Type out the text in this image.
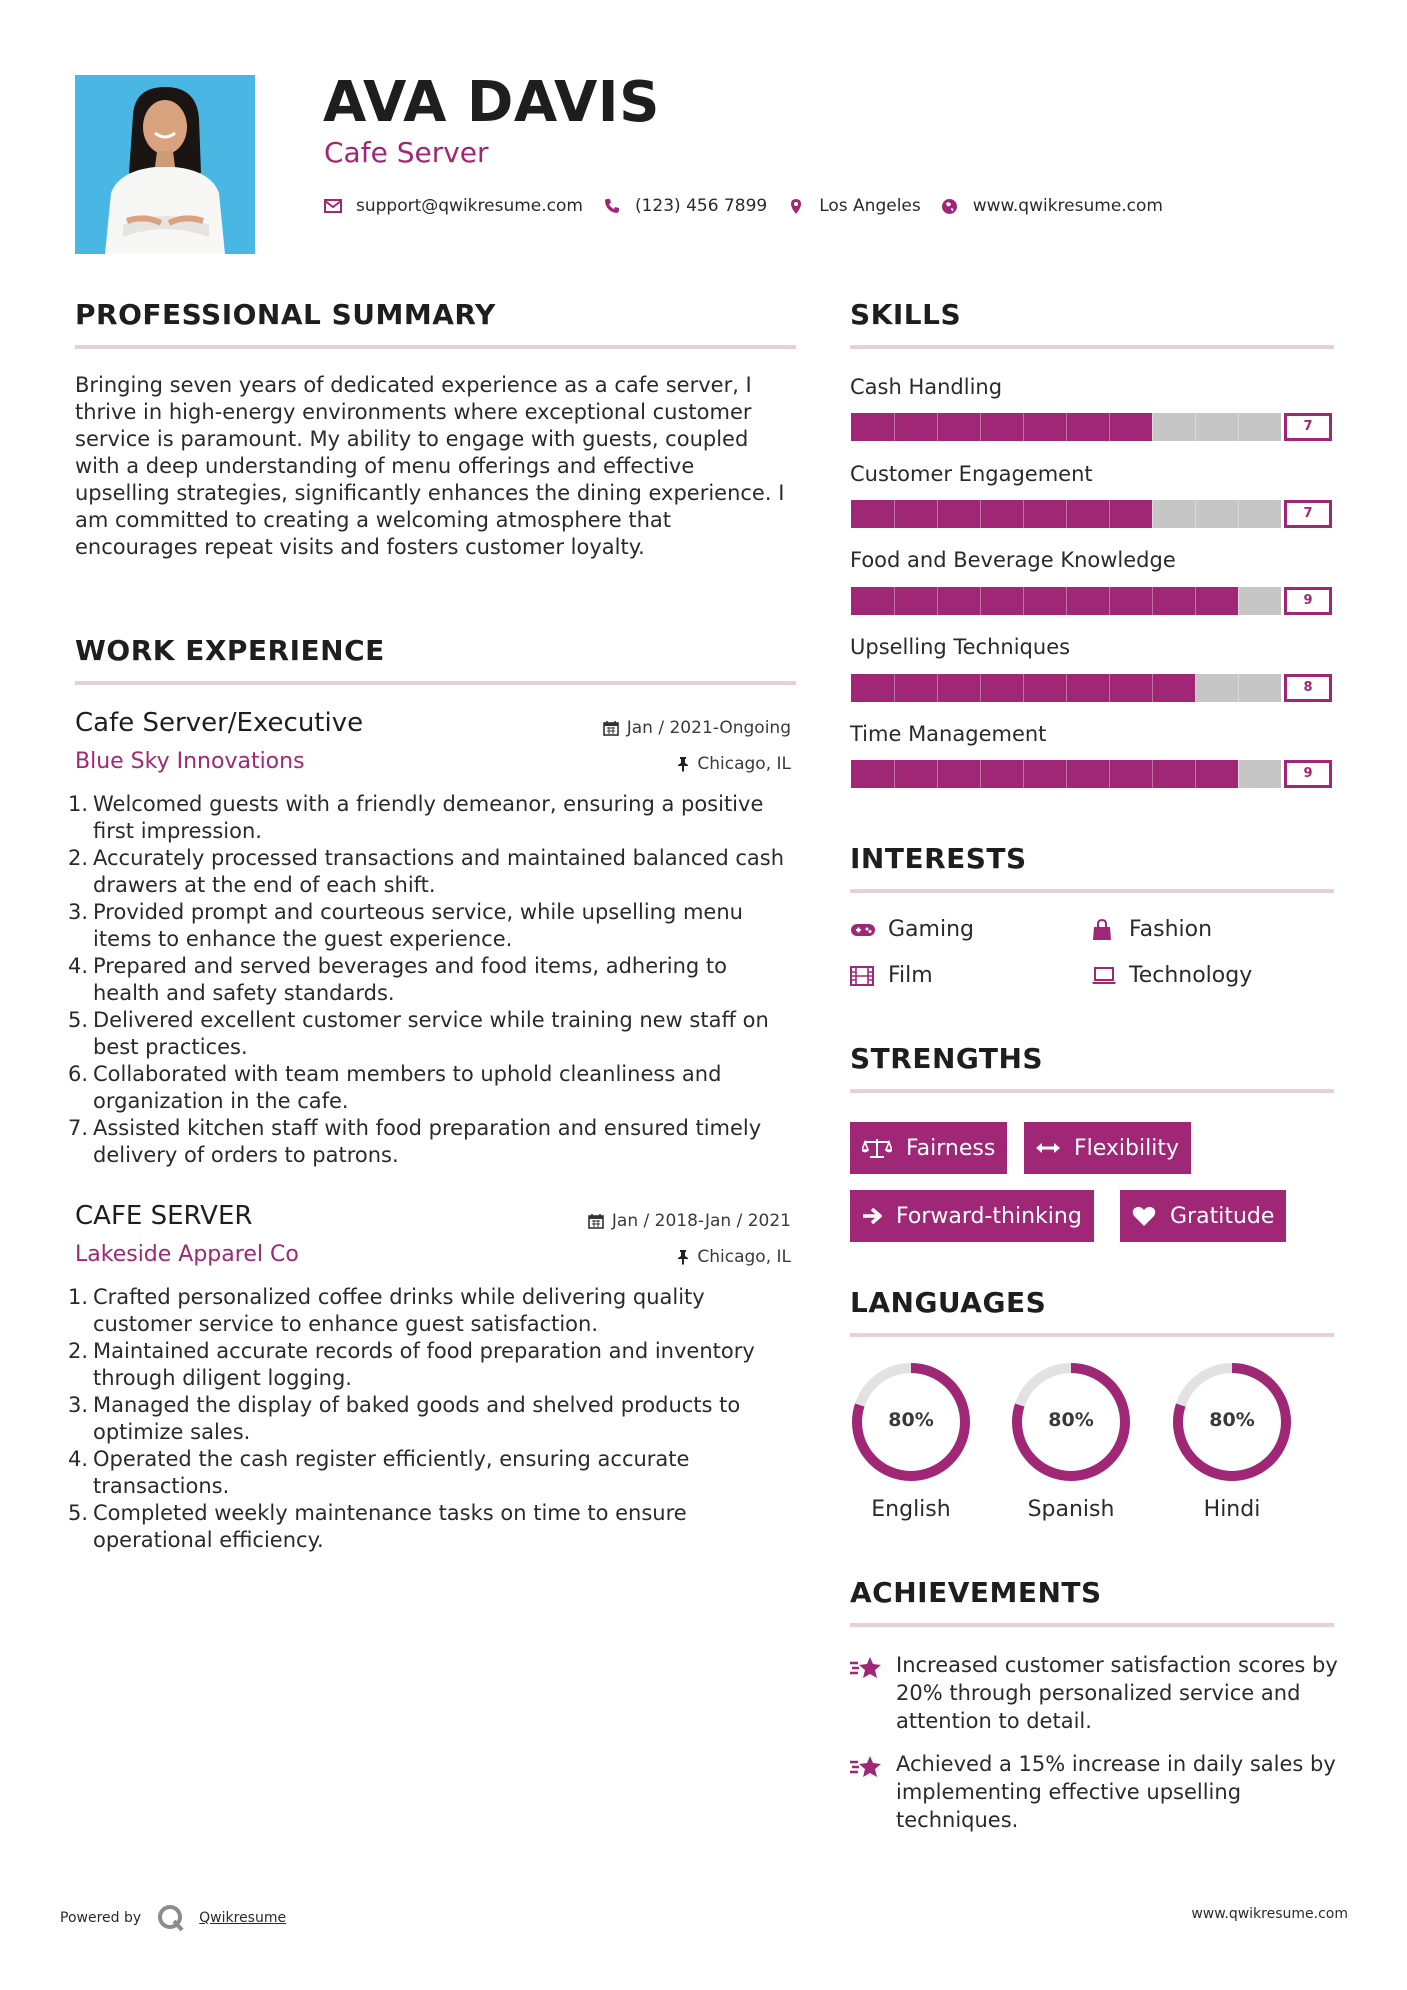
AVA DAVIS
Cafe Server
support@qwikresume.com	(123) 456 7899	Los Angeles	www.qwikresume.com
PROFESSIONAL SUMMARY
Bringing seven years of dedicated experience as a cafe server, I thrive in high-energy environments where exceptional customer service is paramount. My ability to engage with guests, coupled with a deep understanding of menu offerings and effective upselling strategies, significantly enhances the dining experience. I am committed to creating a welcoming atmosphere that encourages repeat visits and fosters customer loyalty.
WORK EXPERIENCE
Cafe Server/Executive	Jan / 2021-Ongoing
Blue Sky Innovations	Chicago, IL
1. Welcomed guests with a friendly demeanor, ensuring a positive first impression.
2. Accurately processed transactions and maintained balanced cash drawers at the end of each shift.
3. Provided prompt and courteous service, while upselling menu items to enhance the guest experience.
4. Prepared and served beverages and food items, adhering to health and safety standards.
5. Delivered excellent customer service while training new staff on best practices.
6. Collaborated with team members to uphold cleanliness and organization in the cafe.
7. Assisted kitchen staff with food preparation and ensured timely delivery of orders to patrons.
CAFE SERVER	Jan / 2018-Jan / 2021
Lakeside Apparel Co	Chicago, IL
1. Crafted personalized coffee drinks while delivering quality customer service to enhance guest satisfaction.
2. Maintained accurate records of food preparation and inventory through diligent logging.
3. Managed the display of baked goods and shelved products to optimize sales.
4. Operated the cash register efficiently, ensuring accurate transactions.
5. Completed weekly maintenance tasks on time to ensure operational efficiency.
SKILLS
Cash Handling
7
Customer Engagement
7
Food and Beverage Knowledge
9
Upselling Techniques
8
Time Management
9
INTERESTS
Gaming	Fashion
Film	Technology
STRENGTHS
Fairness	Flexibility
Forward-thinking	Gratitude
LANGUAGES
80%
English
80%
Spanish
80%
Hindi
ACHIEVEMENTS
Increased customer satisfaction scores by 20% through personalized service and attention to detail.
Achieved a 15% increase in daily sales by implementing effective upselling techniques.
Powered by	Qwikresume	www.qwikresume.com
